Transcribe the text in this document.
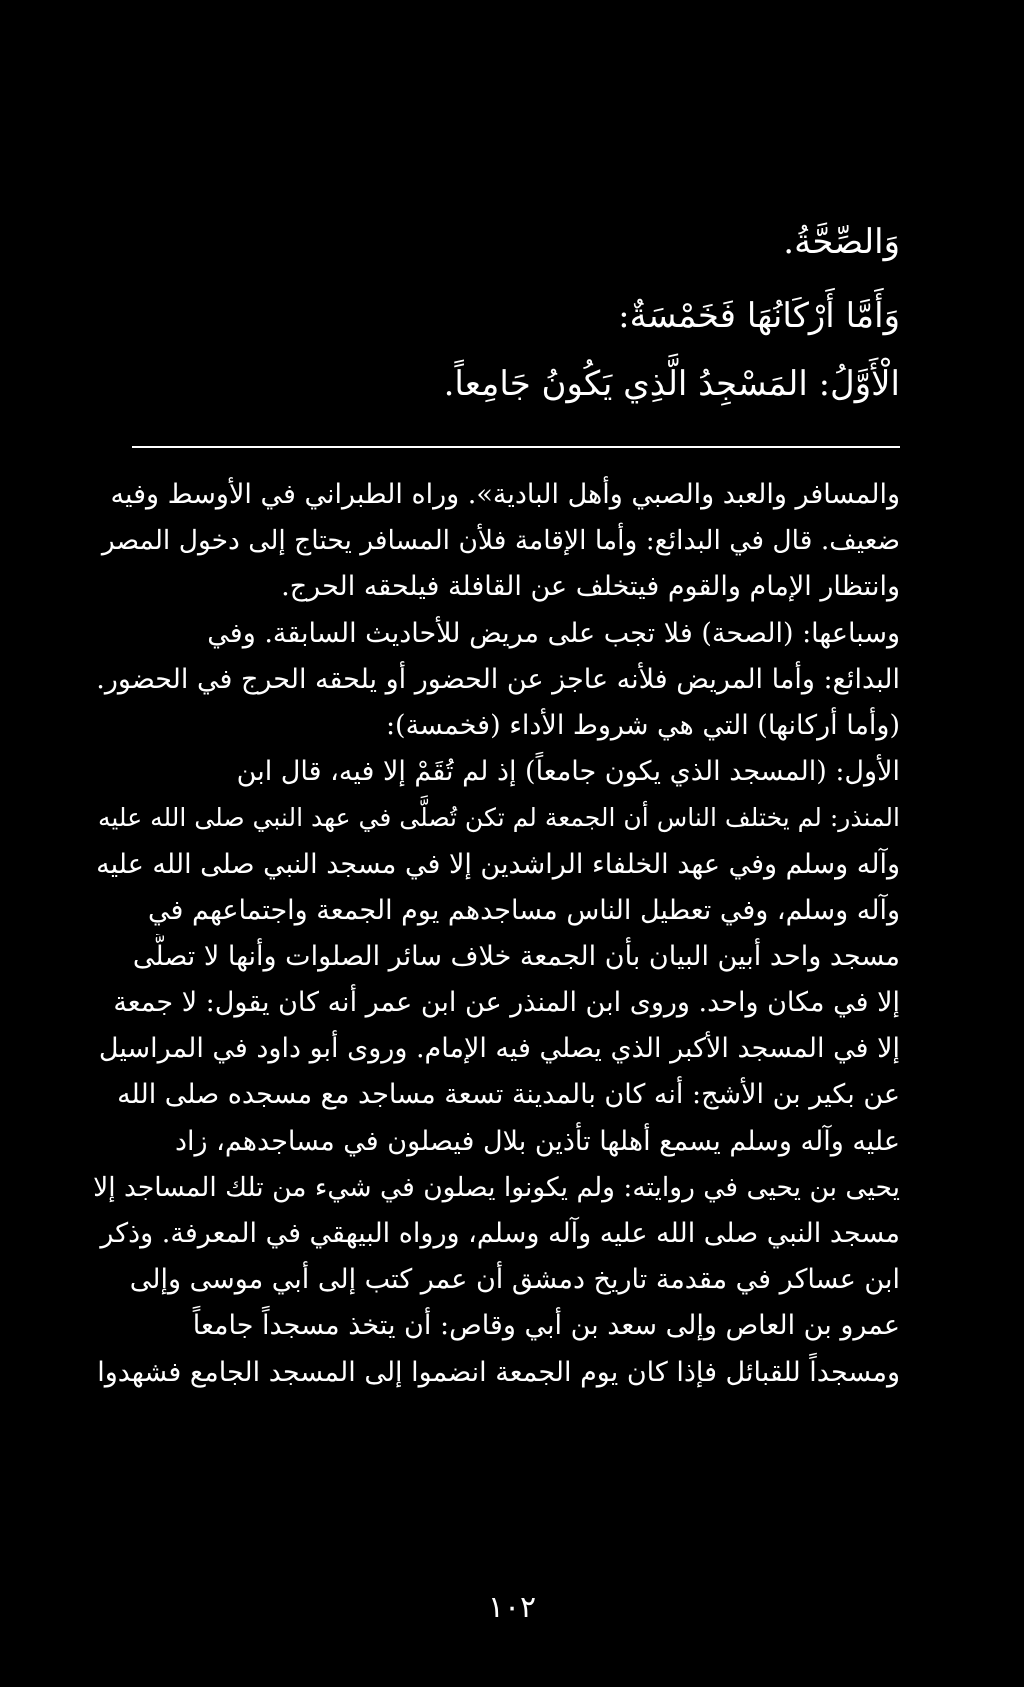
وَالصِّحَّةُ.
وَأَمَّا أَرْكَانُهَا فَخَمْسَةٌ:
الْأَوَّلُ: المَسْجِدُ الَّذِي يَكُونُ جَامِعاً.
والمسافر والعبد والصبي وأهل البادية». وراه الطبراني في الأوسط وفيه
ضعيف. قال في البدائع: وأما الإقامة فلأن المسافر يحتاج إلى دخول المصر
وانتظار الإمام والقوم فيتخلف عن القافلة فيلحقه الحرج.
وسباعها: (الصحة) فلا تجب على مريض للأحاديث السابقة. وفي
البدائع: وأما المريض فلأنه عاجز عن الحضور أو يلحقه الحرج في الحضور.
(وأما أركانها) التي هي شروط الأداء (فخمسة):
الأول: (المسجد الذي يكون جامعاً) إذ لم تُقَمْ إلا فيه، قال ابن
المنذر: لم يختلف الناس أن الجمعة لم تكن تُصلَّى في عهد النبي صلى الله عليه
وآله وسلم وفي عهد الخلفاء الراشدين إلا في مسجد النبي صلى الله عليه
وآله وسلم، وفي تعطيل الناس مساجدهم يوم الجمعة واجتماعهم في
مسجد واحد أبين البيان بأن الجمعة خلاف سائر الصلوات وأنها لا تصلَّى
إلا في مكان واحد. وروى ابن المنذر عن ابن عمر أنه كان يقول: لا جمعة
إلا في المسجد الأكبر الذي يصلي فيه الإمام. وروى أبو داود في المراسيل
عن بكير بن الأشج: أنه كان بالمدينة تسعة مساجد مع مسجده صلى الله
عليه وآله وسلم يسمع أهلها تأذين بلال فيصلون في مساجدهم، زاد
يحيى بن يحيى في روايته: ولم يكونوا يصلون في شيء من تلك المساجد إلا
مسجد النبي صلى الله عليه وآله وسلم، ورواه البيهقي في المعرفة. وذكر
ابن عساكر في مقدمة تاريخ دمشق أن عمر كتب إلى أبي موسى وإلى
عمرو بن العاص وإلى سعد بن أبي وقاص: أن يتخذ مسجداً جامعاً
ومسجداً للقبائل فإذا كان يوم الجمعة انضموا إلى المسجد الجامع فشهدوا
١٠٢
